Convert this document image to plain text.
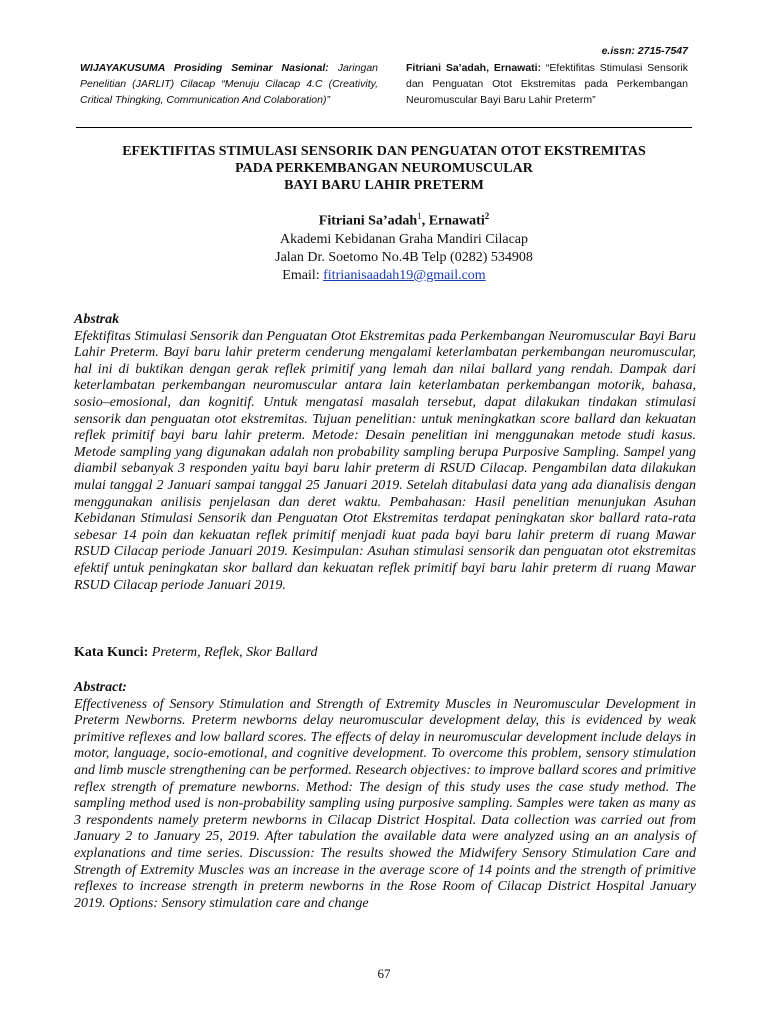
e.issn: 2715-7547
WIJAYAKUSUMA Prosiding Seminar Nasional: Jaringan Penelitian (JARLIT) Cilacap “Menuju Cilacap 4.C (Creativity, Critical Thingking, Communication And Colaboration)”
Fitriani Sa’adah, Ernawati: “Efektifitas Stimulasi Sensorik dan Penguatan Otot Ekstremitas pada Perkembangan Neuromuscular Bayi Baru Lahir Preterm”
EFEKTIFITAS STIMULASI SENSORIK DAN PENGUATAN OTOT EKSTREMITAS
PADA PERKEMBANGAN NEUROMUSCULAR
BAYI BARU LAHIR PRETERM
Fitriani Sa’adah$^1$, Ernawati$^2$
Akademi Kebidanan Graha Mandiri Cilacap
Jalan Dr. Soetomo No.4B Telp (0282) 534908
Email: fitrianisaadah19@gmail.com
Abstrak

Efektifitas Stimulasi Sensorik dan Penguatan Otot Ekstremitas pada Perkembangan Neuromuscular Bayi Baru Lahir Preterm. Bayi baru lahir preterm cenderung mengalami keterlambatan perkembangan neuromuscular, hal ini di buktikan dengan gerak reflek primitif yang lemah dan nilai ballard yang rendah. Dampak dari keterlambatan perkembangan neuromuscular antara lain keterlambatan perkembangan motorik, bahasa, sosio–emosional, dan kognitif. Untuk mengatasi masalah tersebut, dapat dilakukan tindakan stimulasi sensorik dan penguatan otot ekstremitas. Tujuan penelitian: untuk meningkatkan score ballard dan kekuatan reflek primitif bayi baru lahir preterm. Metode: Desain penelitian ini menggunakan metode studi kasus. Metode sampling yang digunakan adalah non probability sampling berupa Purposive Sampling. Sampel yang diambil sebanyak 3 responden yaitu bayi baru lahir preterm di RSUD Cilacap. Pengambilan data dilakukan mulai tanggal 2 Januari sampai tanggal 25 Januari 2019. Setelah ditabulasi data yang ada dianalisis dengan menggunakan anilisis penjelasan dan deret waktu. Pembahasan: Hasil penelitian menunjukan Asuhan Kebidanan Stimulasi Sensorik dan Penguatan Otot Ekstremitas terdapat peningkatan skor ballard rata-rata sebesar 14 poin dan kekuatan reflek primitif menjadi kuat pada bayi baru lahir preterm di ruang Mawar RSUD Cilacap periode Januari 2019. Kesimpulan: Asuhan stimulasi sensorik dan penguatan otot ekstremitas efektif untuk peningkatan skor ballard dan kekuatan reflek primitif bayi baru lahir preterm di ruang Mawar RSUD Cilacap periode Januari 2019.

Kata Kunci: Preterm, Reflek, Skor Ballard
Abstract:

Effectiveness of Sensory Stimulation and Strength of Extremity Muscles in Neuromuscular Development in Preterm Newborns. Preterm newborns delay neuromuscular development delay, this is evidenced by weak primitive reflexes and low ballard scores. The effects of delay in neuromuscular development include delays in motor, language, socio-emotional, and cognitive development. To overcome this problem, sensory stimulation and limb muscle strengthening can be performed. Research objectives: to improve ballard scores and primitive reflex strength of premature newborns. Method: The design of this study uses the case study method. The sampling method used is non-probability sampling using purposive sampling. Samples were taken as many as 3 respondents namely preterm newborns in Cilacap District Hospital. Data collection was carried out from January 2 to January 25, 2019. After tabulation the available data were analyzed using an an analysis of explanations and time series. Discussion: The results showed the Midwifery Sensory Stimulation Care and Strength of Extremity Muscles was an increase in the average score of 14 points and the strength of primitive reflexes to increase strength in preterm newborns in the Rose Room of Cilacap District Hospital January 2019. Options: Sensory stimulation care and change

67
